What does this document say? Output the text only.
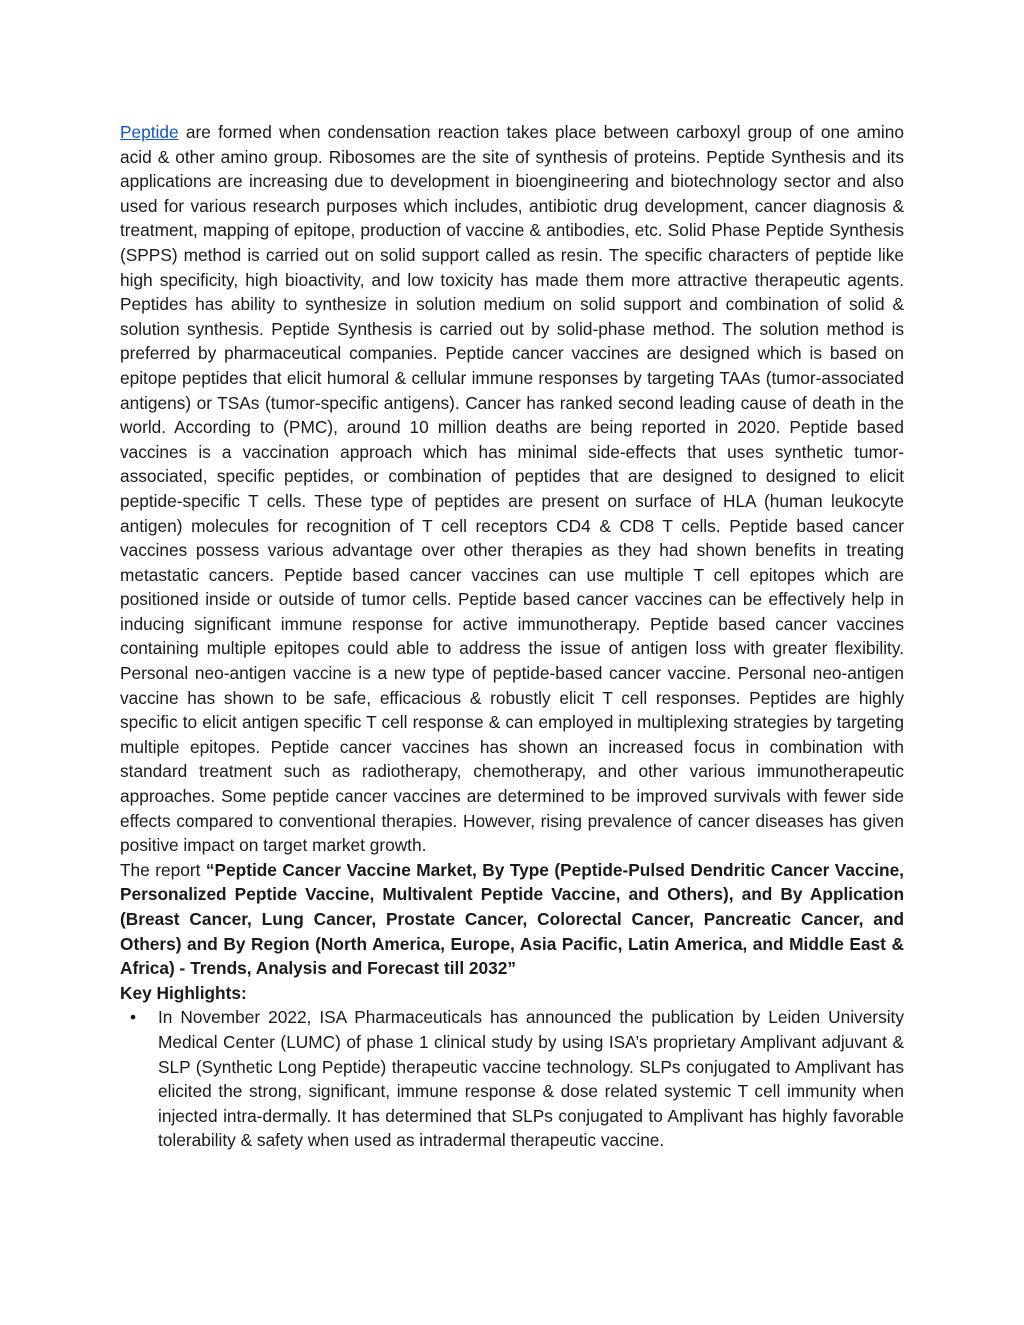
Peptide are formed when condensation reaction takes place between carboxyl group of one amino acid & other amino group. Ribosomes are the site of synthesis of proteins. Peptide Synthesis and its applications are increasing due to development in bioengineering and biotechnology sector and also used for various research purposes which includes, antibiotic drug development, cancer diagnosis & treatment, mapping of epitope, production of vaccine & antibodies, etc. Solid Phase Peptide Synthesis (SPPS) method is carried out on solid support called as resin. The specific characters of peptide like high specificity, high bioactivity, and low toxicity has made them more attractive therapeutic agents. Peptides has ability to synthesize in solution medium on solid support and combination of solid & solution synthesis. Peptide Synthesis is carried out by solid-phase method. The solution method is preferred by pharmaceutical companies. Peptide cancer vaccines are designed which is based on epitope peptides that elicit humoral & cellular immune responses by targeting TAAs (tumor-associated antigens) or TSAs (tumor-specific antigens). Cancer has ranked second leading cause of death in the world. According to (PMC), around 10 million deaths are being reported in 2020. Peptide based vaccines is a vaccination approach which has minimal side-effects that uses synthetic tumor-associated, specific peptides, or combination of peptides that are designed to designed to elicit peptide-specific T cells. These type of peptides are present on surface of HLA (human leukocyte antigen) molecules for recognition of T cell receptors CD4 & CD8 T cells. Peptide based cancer vaccines possess various advantage over other therapies as they had shown benefits in treating metastatic cancers. Peptide based cancer vaccines can use multiple T cell epitopes which are positioned inside or outside of tumor cells. Peptide based cancer vaccines can be effectively help in inducing significant immune response for active immunotherapy. Peptide based cancer vaccines containing multiple epitopes could able to address the issue of antigen loss with greater flexibility. Personal neo-antigen vaccine is a new type of peptide-based cancer vaccine. Personal neo-antigen vaccine has shown to be safe, efficacious & robustly elicit T cell responses. Peptides are highly specific to elicit antigen specific T cell response & can employed in multiplexing strategies by targeting multiple epitopes. Peptide cancer vaccines has shown an increased focus in combination with standard treatment such as radiotherapy, chemotherapy, and other various immunotherapeutic approaches. Some peptide cancer vaccines are determined to be improved survivals with fewer side effects compared to conventional therapies. However, rising prevalence of cancer diseases has given positive impact on target market growth.

The report “Peptide Cancer Vaccine Market, By Type (Peptide-Pulsed Dendritic Cancer Vaccine, Personalized Peptide Vaccine, Multivalent Peptide Vaccine, and Others), and By Application (Breast Cancer, Lung Cancer, Prostate Cancer, Colorectal Cancer, Pancreatic Cancer, and Others) and By Region (North America, Europe, Asia Pacific, Latin America, and Middle East & Africa) - Trends, Analysis and Forecast till 2032”

Key Highlights:

• In November 2022, ISA Pharmaceuticals has announced the publication by Leiden University Medical Center (LUMC) of phase 1 clinical study by using ISA’s proprietary Amplivant adjuvant & SLP (Synthetic Long Peptide) therapeutic vaccine technology. SLPs conjugated to Amplivant has elicited the strong, significant, immune response & dose related systemic T cell immunity when injected intra-dermally. It has determined that SLPs conjugated to Amplivant has highly favorable tolerability & safety when used as intradermal therapeutic vaccine.
